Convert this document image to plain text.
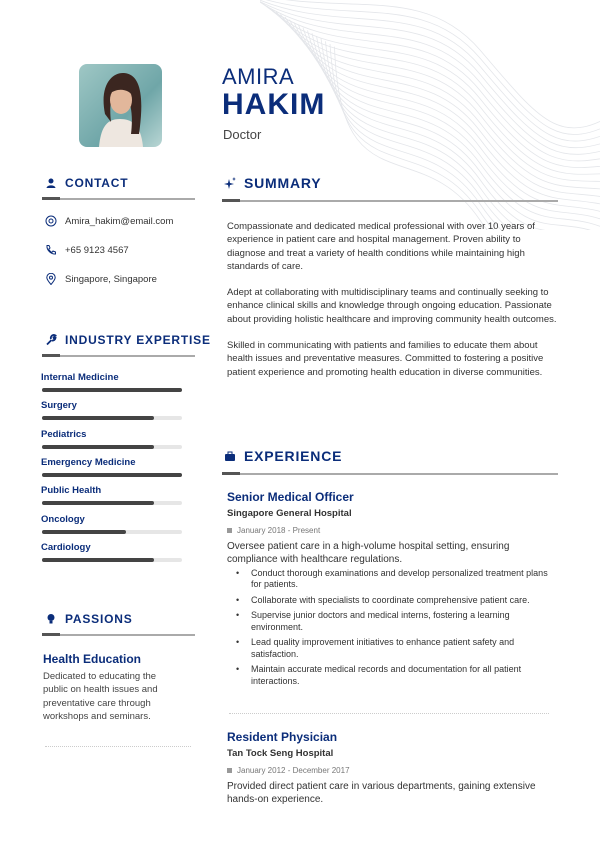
AMIRA
HAKIM
Doctor
CONTACT
Amira_hakim@email.com
+65 9123 4567
Singapore, Singapore
INDUSTRY EXPERTISE
Internal Medicine
Surgery
Pediatrics
Emergency Medicine
Public Health
Oncology
Cardiology
PASSIONS
Health Education
Dedicated to educating the public on health issues and preventative care through workshops and seminars.
SUMMARY

Compassionate and dedicated medical professional with over 10 years of experience in patient care and hospital management. Proven ability to diagnose and treat a variety of health conditions while maintaining high standards of care.

Adept at collaborating with multidisciplinary teams and continually seeking to enhance clinical skills and knowledge through ongoing education. Passionate about providing holistic healthcare and improving community health outcomes.

Skilled in communicating with patients and families to educate them about health issues and preventative measures. Committed to fostering a positive patient experience and promoting health education in diverse communities.

EXPERIENCE
Senior Medical Officer
Singapore General Hospital
January 2018 - Present

Oversee patient care in a high-volume hospital setting, ensuring compliance with healthcare regulations.

• Conduct thorough examinations and develop personalized treatment plans for patients.
• Collaborate with specialists to coordinate comprehensive patient care.
• Supervise junior doctors and medical interns, fostering a learning environment.
• Lead quality improvement initiatives to enhance patient safety and satisfaction.
• Maintain accurate medical records and documentation for all patient interactions.
Resident Physician
Tan Tock Seng Hospital
January 2012 - December 2017

Provided direct patient care in various departments, gaining extensive hands-on experience.
